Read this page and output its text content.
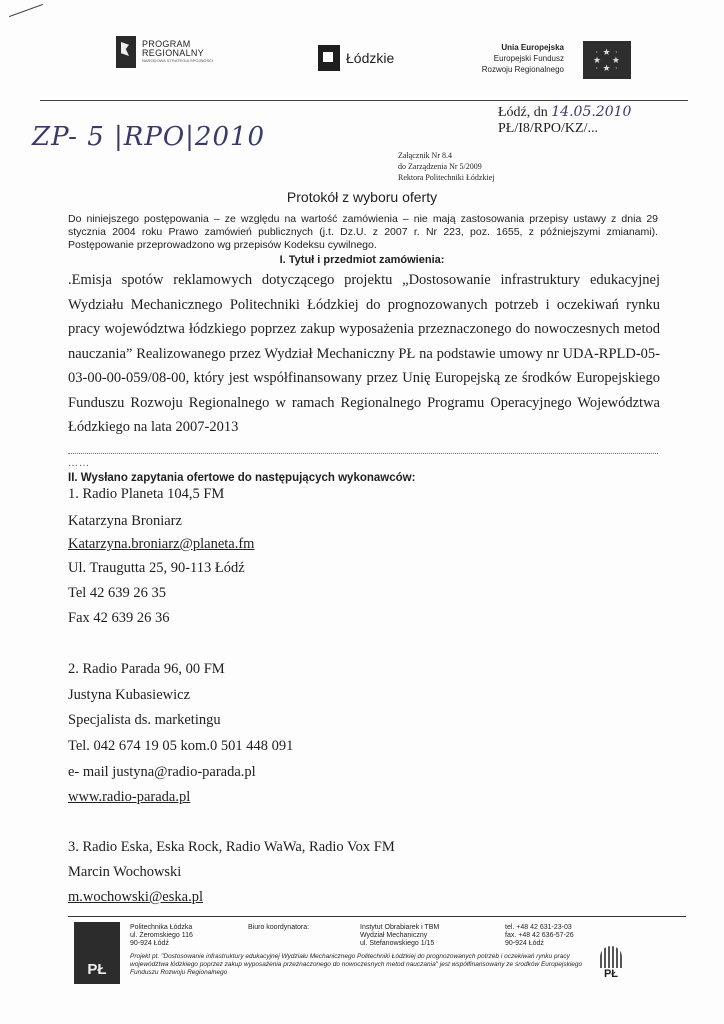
PROGRAM
REGIONALNY
NARODOWA STRATEGIA SPÓJNOŚCI	Łódzkie
Unia Europejska
Europejski Fundusz
Rozwoju Regionalnego
· ★ ·
★   ★
· ★ ·
ZP- 5 |RPO|2010
Łódź, dn 14.05.2010
PŁ/I8/RPO/KZ/...
Załącznik Nr 8.4
do Zarządzenia Nr 5/2009
Rektora Politechniki Łódzkiej
Protokół z wyboru oferty
Do niniejszego postępowania – ze względu na wartość zamówienia – nie mają zastosowania przepisy ustawy z dnia 29 stycznia 2004 roku Prawo zamówień publicznych (j.t. Dz.U. z 2007 r. Nr 223, poz. 1655, z późniejszymi zmianami). Postępowanie przeprowadzono wg przepisów Kodeksu cywilnego.
I. Tytuł i przedmiot zamówienia:
.Emisja spotów reklamowych dotyczącego projektu „Dostosowanie infrastruktury edukacyjnej Wydziału Mechanicznego Politechniki Łódzkiej do prognozowanych potrzeb i oczekiwań rynku pracy województwa łódzkiego poprzez zakup wyposażenia przeznaczonego do nowoczesnych metod nauczania” Realizowanego przez Wydział Mechaniczny PŁ na podstawie umowy nr UDA-RPLD-05-03-00-00-059/08-00, który jest współfinansowany przez Unię Europejską ze środków Europejskiego Funduszu Rozwoju Regionalnego w ramach Regionalnego Programu Operacyjnego Województwa Łódzkiego na lata 2007-2013
……
II. Wysłano zapytania ofertowe do następujących wykonawców:
1. Radio Planeta 104,5 FM
Katarzyna Broniarz
Katarzyna.broniarz@planeta.fm
Ul. Traugutta 25, 90-113 Łódź
Tel 42 639 26 35
Fax 42 639 26 36
2. Radio Parada 96, 00 FM
Justyna Kubasiewicz
Specjalista ds. marketingu
Tel. 042 674 19 05 kom.0 501 448 091
e- mail justyna@radio-parada.pl
www.radio-parada.pl
3. Radio Eska, Eska Rock, Radio WaWa, Radio Vox FM
Marcin Wochowski
m.wochowski@eska.pl
PŁ
Politechnika Łódzka
ul. Żeromskiego 116
90-924 Łódź
Biuro koordynatora:	Instytut Obrabiarek i TBM
Wydział Mechaniczny
ul. Stefanowskiego 1/15
tel. +48 42 631-23-03
fax. +48 42 636-57-26
90-924 Łódź
Projekt pt. "Dostosowanie infrastruktury edukacyjnej Wydziału Mechanicznego Politechniki Łódzkiej do prognozowanych potrzeb i oczekiwań rynku pracy województwa łódzkiego poprzez zakup wyposażenia przeznaczonego do nowoczesnych metod nauczania" jest współfinansowany ze środków Europejskiego Funduszu Rozwoju Regionalnego	PŁ
